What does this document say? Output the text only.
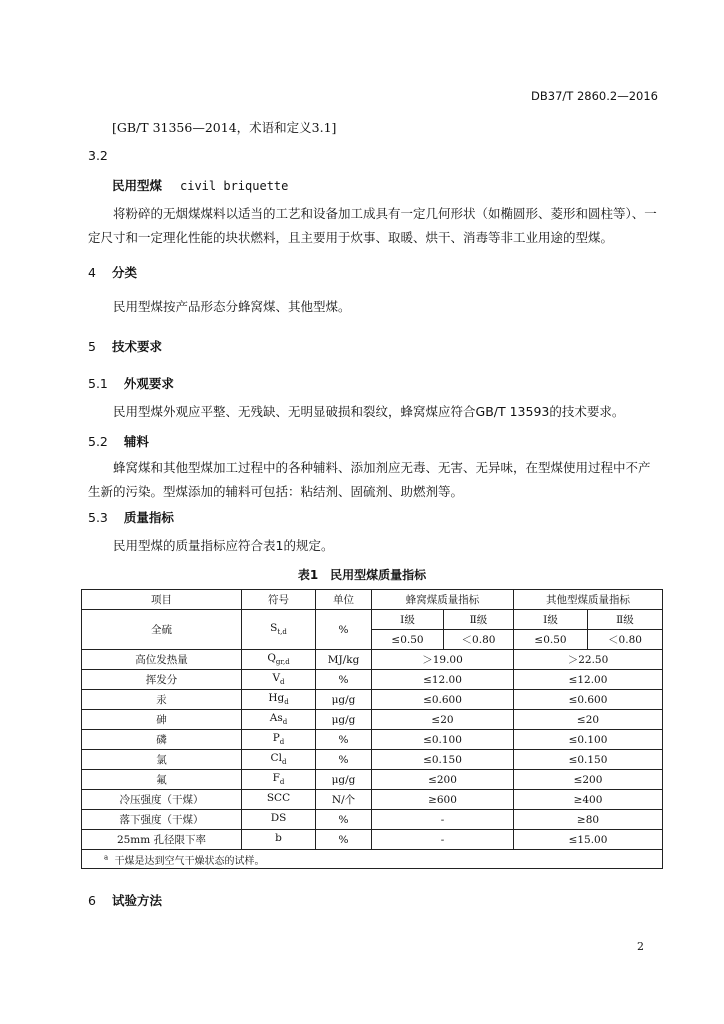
DB37/T 2860.2—2016
[GB/T 31356—2014，术语和定义3.1]
3.2
民用型煤 civil briquette
将粉碎的无烟煤煤料以适当的工艺和设备加工成具有一定几何形状（如椭圆形、菱形和圆柱等）、一定尺寸和一定理化性能的块状燃料，且主要用于炊事、取暖、烘干、消毒等非工业用途的型煤。
4 分类
民用型煤按产品形态分蜂窝煤、其他型煤。
5 技术要求
5.1 外观要求
民用型煤外观应平整、无残缺、无明显破损和裂纹，蜂窝煤应符合GB/T 13593的技术要求。
5.2 辅料
蜂窝煤和其他型煤加工过程中的各种辅料、添加剂应无毒、无害、无异味，在型煤使用过程中不产生新的污染。型煤添加的辅料可包括：粘结剂、固硫剂、助燃剂等。
5.3 质量指标
民用型煤的质量指标应符合表1的规定。
表1　民用型煤质量指标
项目	符号	单位	蜂窝煤质量指标		其他型煤质量指标	
全硫	$S_{t,d}$	%	Ⅰ级	Ⅱ级	Ⅰ级	Ⅱ级
			≤0.50	＜0.80	≤0.50	＜0.80
高位发热量	$Q_{gr,d}$	MJ/kg	＞19.00		＞22.50	
挥发分	$V_d$	%	≤12.00		≤12.00	
汞	$Hg_d$	μg/g	≤0.600		≤0.600	
砷	$As_d$	μg/g	≤20		≤20	
磷	$P_d$	%	≤0.100		≤0.100	
氯	$Cl_d$	%	≤0.150		≤0.150	
氟	$F_d$	μg/g	≤200		≤200	
冷压强度（干煤）	SCC	N/个	≥600		≥400	
落下强度（干煤）	DS	%	-		≥80	
25mm 孔径限下率	b	%	-		≤15.00	
$^a$ 干煤是达到空气干燥状态的试样。						
6 试验方法
2
